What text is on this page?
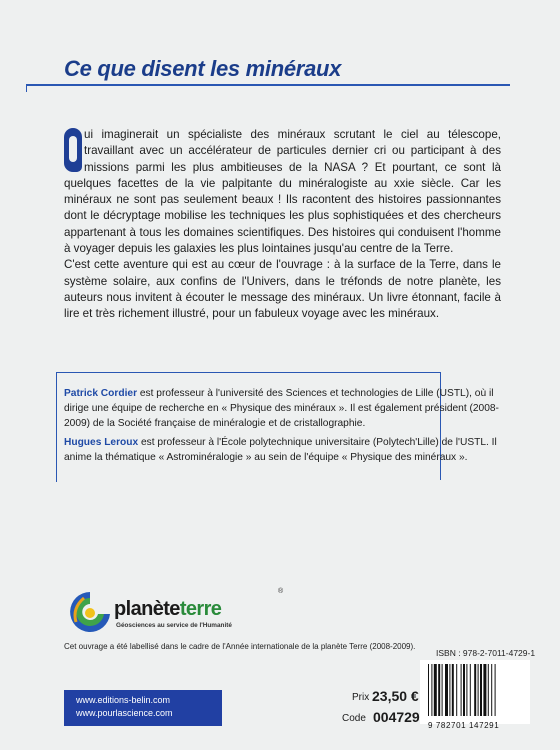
Ce que disent les minéraux

ui imaginerait un spécialiste des minéraux scrutant le ciel au télescope, travaillant avec un accélérateur de particules dernier cri ou participant à des missions parmi les plus ambitieuses de la NASA ? Et pourtant, ce sont là quelques facettes de la vie palpitante du minéralogiste au xxie siècle. Car les minéraux ne sont pas seulement beaux ! Ils racontent des histoires passionnantes dont le décryptage mobilise les techniques les plus sophistiquées et des chercheurs appartenant à tous les domaines scientifiques. Des histoires qui conduisent l'homme à voyager depuis les galaxies les plus lointaines jusqu'au centre de la Terre.

C'est cette aventure qui est au cœur de l'ouvrage : à la surface de la Terre, dans le système solaire, aux confins de l'Univers, dans le tréfonds de notre planète, les auteurs nous invitent à écouter le message des minéraux. Un livre étonnant, facile à lire et très richement illustré, pour un fabuleux voyage avec les minéraux.

Patrick Cordier est professeur à l'université des Sciences et technologies de Lille (USTL), où il dirige une équipe de recherche en « Physique des minéraux ». Il est également président (2008-2009) de la Société française de minéralogie et de cristallographie.

Hugues Leroux est professeur à l'École polytechnique universitaire (Polytech'Lille) de l'USTL. Il anime la thématique « Astrominéralogie » au sein de l'équipe « Physique des minéraux ».

planèteterre
®
Géosciences au service de l'Humanité
Cet ouvrage a été labellisé dans le cadre de l'Année internationale de la planète Terre (2008-2009).
www.editions-belin.com
www.pourlascience.com
Prix 23,50 €
Code 004729
ISBN : 978-2-7011-4729-1
9 782701 147291
